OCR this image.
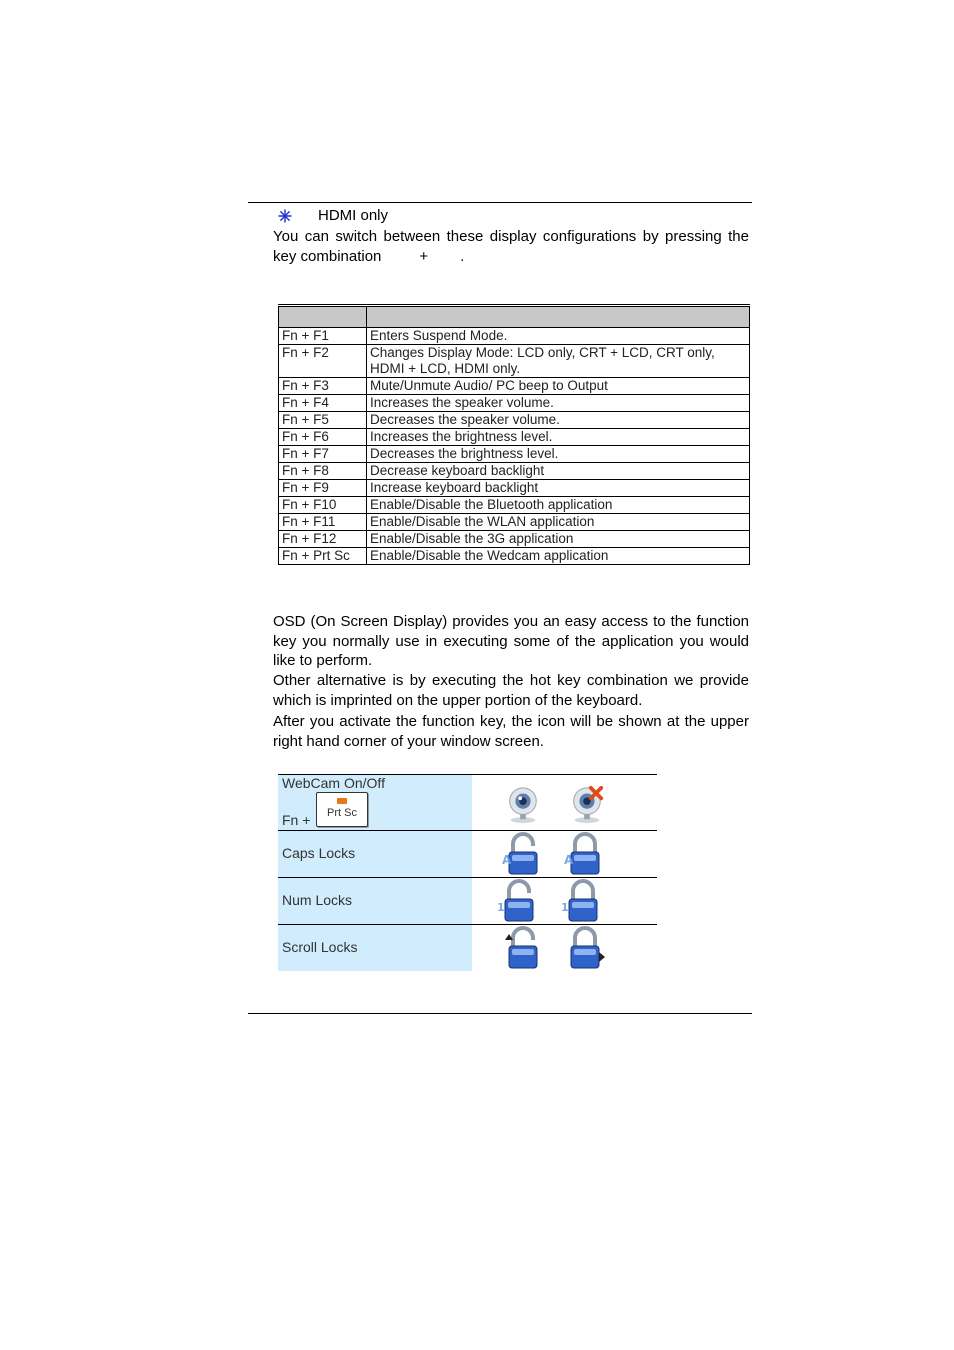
HDMI only
You can switch between these display configurations by pressing the key combination	+ .

Fn + F1	Enters Suspend Mode.
Fn + F2	Changes Display Mode: LCD only, CRT + LCD, CRT only, HDMI + LCD, HDMI only.
Fn + F3	Mute/Unmute Audio/ PC beep to Output
Fn + F4	Increases the speaker volume.
Fn + F5	Decreases the speaker volume.
Fn + F6	Increases the brightness level.
Fn + F7	Decreases the brightness level.
Fn + F8	Decrease keyboard backlight
Fn + F9	Increase keyboard backlight
Fn + F10	Enable/Disable the Bluetooth application
Fn + F11	Enable/Disable the WLAN application
Fn + F12	Enable/Disable the 3G application
Fn + Prt Sc	Enable/Disable the Wedcam application
OSD (On Screen Display) provides you an easy access to the function key you normally use in executing some of the application you would like to perform.
Other alternative is by executing the hot key combination we provide which is imprinted on the upper portion of the keyboard.
After you activate the function key, the icon will be shown at the upper right hand corner of your window screen.
WebCam On/Off
Fn +	Prt Sc
Caps Locks	A	A
Num Locks	1	1
Scroll Locks
